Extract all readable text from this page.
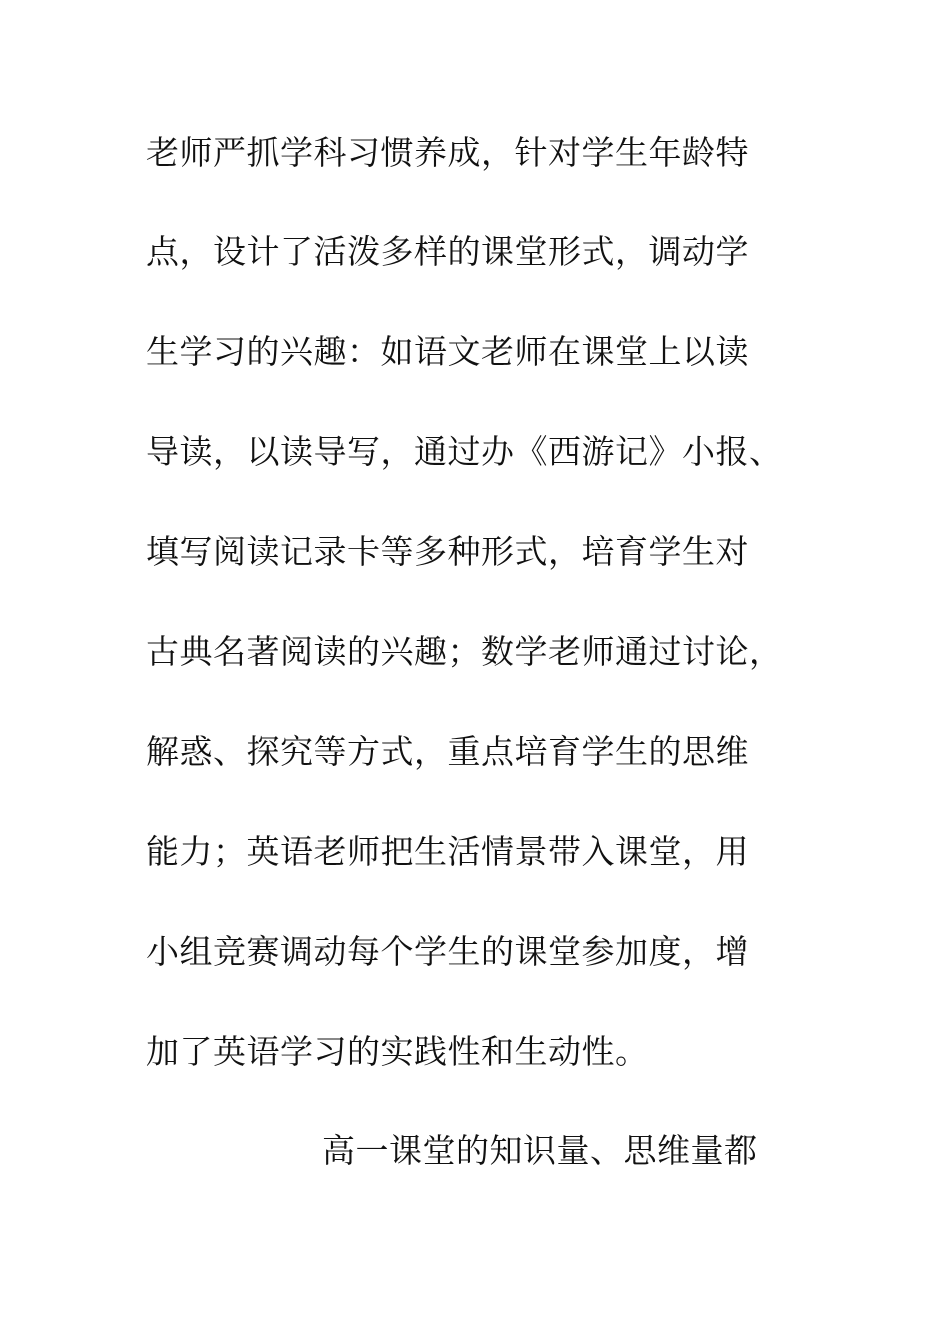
老师严抓学科习惯养成，针对学生年龄特
点，设计了活泼多样的课堂形式，调动学
生学习的兴趣：如语文老师在课堂上以读
导读，以读导写，通过办《西游记》小报、
填写阅读记录卡等多种形式，培育学生对
古典名著阅读的兴趣；数学老师通过讨论，
解惑、探究等方式，重点培育学生的思维
能力；英语老师把生活情景带入课堂，用
小组竞赛调动每个学生的课堂参加度，增
加了英语学习的实践性和生动性。
高一课堂的知识量、思维量都
